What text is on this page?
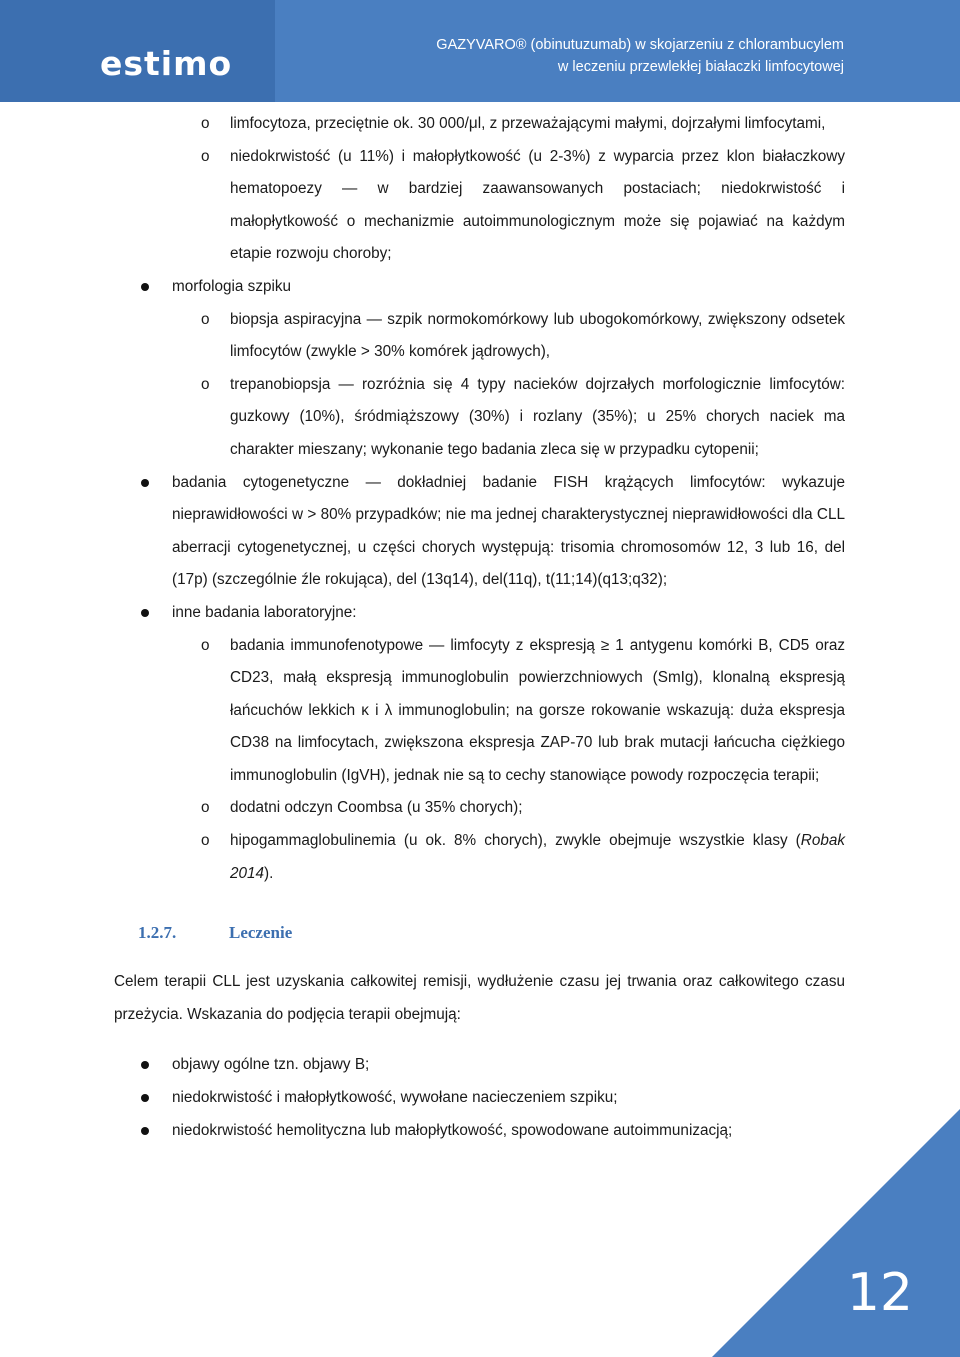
estimo	GAZYVARO® (obinutuzumab) w skojarzeniu z chlorambucylem
w leczeniu przewlekłej białaczki limfocytowej
o limfocytoza, przeciętnie ok. 30 000/μl, z przeważającymi małymi, dojrzałymi limfocytami,
o niedokrwistość (u 11%) i małopłytkowość (u 2-3%) z wyparcia przez klon białaczkowy hematopoezy — w bardziej zaawansowanych postaciach; niedokrwistość i małopłytkowość o mechanizmie autoimmunologicznym może się pojawiać na każdym etapie rozwoju choroby;
morfologia szpiku
o biopsja aspiracyjna — szpik normokomórkowy lub ubogokomórkowy, zwiększony odsetek limfocytów (zwykle > 30% komórek jądrowych),
o trepanobiopsja — rozróżnia się 4 typy nacieków dojrzałych morfologicznie limfocytów: guzkowy (10%), śródmiąższowy (30%) i rozlany (35%); u 25% chorych naciek ma charakter mieszany; wykonanie tego badania zleca się w przypadku cytopenii;
badania cytogenetyczne — dokładniej badanie FISH krążących limfocytów: wykazuje nieprawidłowości w > 80% przypadków; nie ma jednej charakterystycznej nieprawidłowości dla CLL aberracji cytogenetycznej, u części chorych występują: trisomia chromosomów 12, 3 lub 16, del (17p) (szczególnie źle rokująca), del (13q14), del(11q), t(11;14)(q13;q32);
inne badania laboratoryjne:
o badania immunofenotypowe — limfocyty z ekspresją ≥ 1 antygenu komórki B, CD5 oraz CD23, małą ekspresją immunoglobulin powierzchniowych (SmIg), klonalną ekspresją łańcuchów lekkich κ i λ immunoglobulin; na gorsze rokowanie wskazują: duża ekspresja CD38 na limfocytach, zwiększona ekspresja ZAP-70 lub brak mutacji łańcucha ciężkiego immunoglobulin (IgVH), jednak nie są to cechy stanowiące powody rozpoczęcia terapii;
o dodatni odczyn Coombsa (u 35% chorych);
o hipogammaglobulinemia (u ok. 8% chorych), zwykle obejmuje wszystkie klasy (Robak 2014).
1.2.7.	Leczenie
Celem terapii CLL jest uzyskania całkowitej remisji, wydłużenie czasu jej trwania oraz całkowitego czasu przeżycia. Wskazania do podjęcia terapii obejmują:
objawy ogólne tzn. objawy B;
niedokrwistość i małopłytkowość, wywołane nacieczeniem szpiku;
niedokrwistość hemolityczna lub małopłytkowość, spowodowane autoimmunizacją;
12
